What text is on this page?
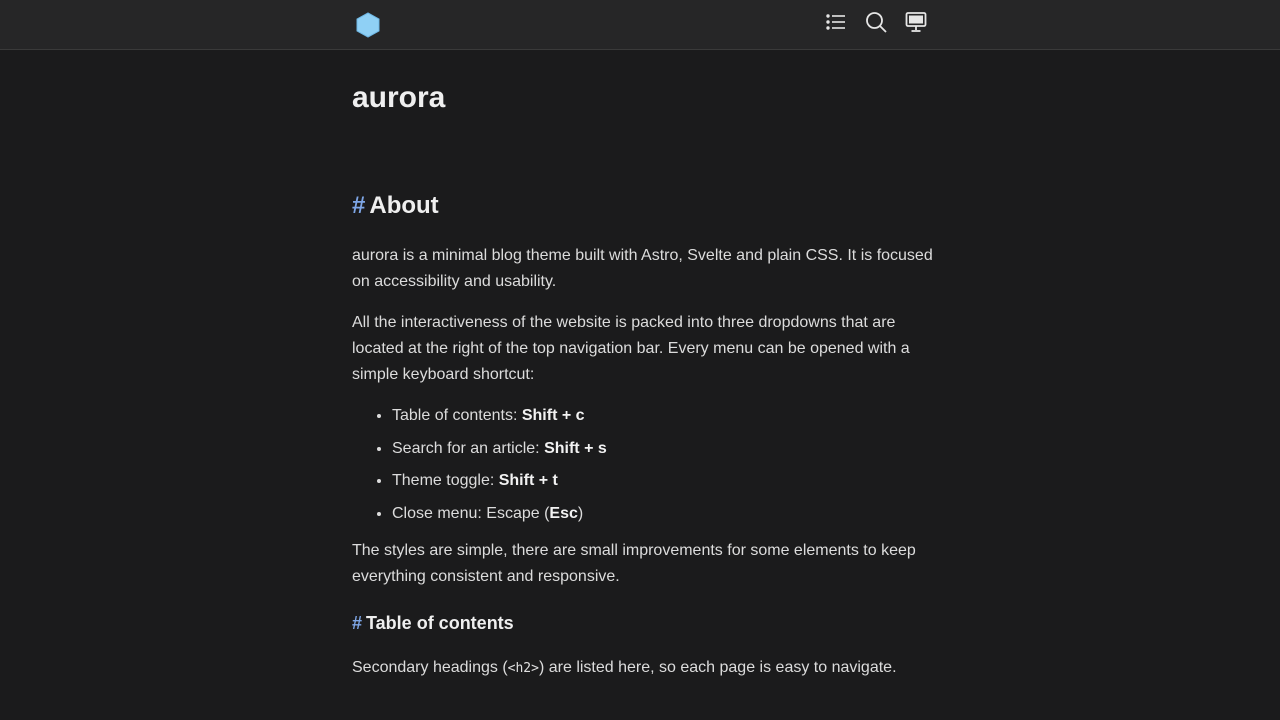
aurora
# About

aurora is a minimal blog theme built with Astro, Svelte and plain CSS. It is focused on accessibility and usability.

All the interactiveness of the website is packed into three dropdowns that are located at the right of the top navigation bar. Every menu can be opened with a simple keyboard shortcut:

• Table of contents: Shift + c
• Search for an article: Shift + s
• Theme toggle: Shift + t
• Close menu: Escape (Esc)

The styles are simple, there are small improvements for some elements to keep everything consistent and responsive.

# Table of contents

Secondary headings (<h2>) are listed here, so each page is easy to navigate.
